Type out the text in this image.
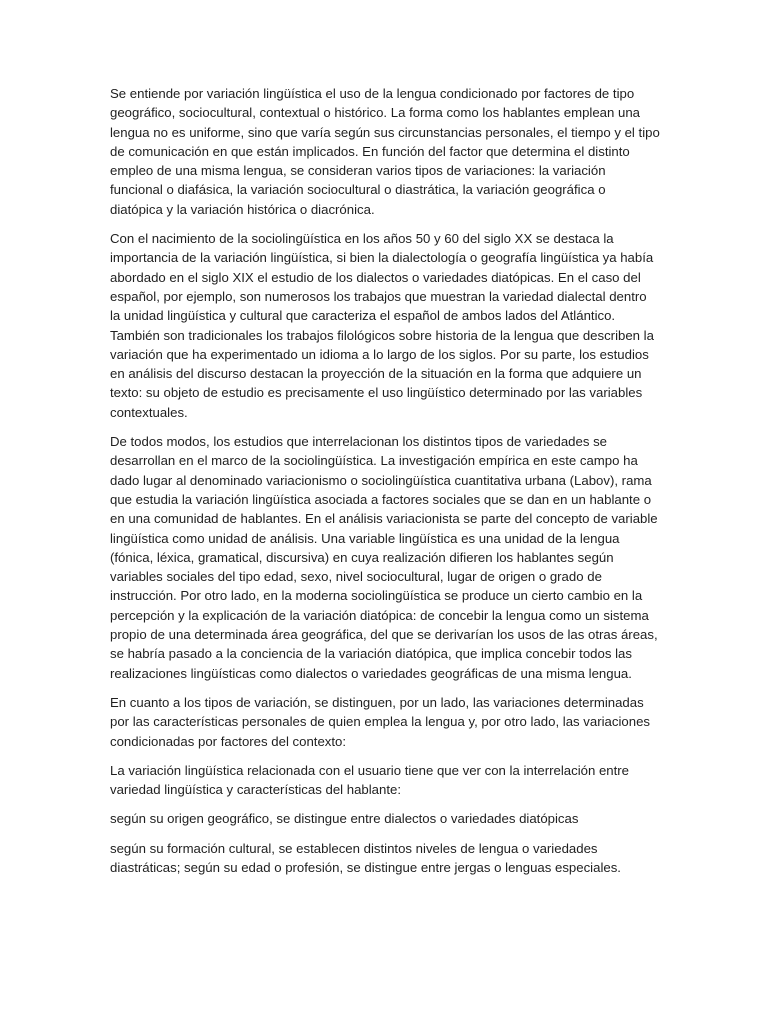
Se entiende por variación lingüística el uso de la lengua condicionado por factores de tipo geográfico, sociocultural, contextual o histórico. La forma como los hablantes emplean una lengua no es uniforme, sino que varía según sus circunstancias personales, el tiempo y el tipo de comunicación en que están implicados. En función del factor que determina el distinto empleo de una misma lengua, se consideran varios tipos de variaciones: la variación funcional o diafásica, la variación sociocultural o diastrática, la variación geográfica o diatópica y la variación histórica o diacrónica.

Con el nacimiento de la sociolingüística en los años 50 y 60 del siglo XX se destaca la importancia de la variación lingüística, si bien la dialectología o geografía lingüística ya había abordado en el siglo XIX el estudio de los dialectos o variedades diatópicas. En el caso del español, por ejemplo, son numerosos los trabajos que muestran la variedad dialectal dentro la unidad lingüística y cultural que caracteriza el español de ambos lados del Atlántico. También son tradicionales los trabajos filológicos sobre historia de la lengua que describen la variación que ha experimentado un idioma a lo largo de los siglos. Por su parte, los estudios en análisis del discurso destacan la proyección de la situación en la forma que adquiere un texto: su objeto de estudio es precisamente el uso lingüístico determinado por las variables contextuales.

De todos modos, los estudios que interrelacionan los distintos tipos de variedades se desarrollan en el marco de la sociolingüística. La investigación empírica en este campo ha dado lugar al denominado variacionismo o sociolingüística cuantitativa urbana (Labov), rama que estudia la variación lingüística asociada a factores sociales que se dan en un hablante o en una comunidad de hablantes. En el análisis variacionista se parte del concepto de variable lingüística como unidad de análisis. Una variable lingüística es una unidad de la lengua (fónica, léxica, gramatical, discursiva) en cuya realización difieren los hablantes según variables sociales del tipo edad, sexo, nivel sociocultural, lugar de origen o grado de instrucción. Por otro lado, en la moderna sociolingüística se produce un cierto cambio en la percepción y la explicación de la variación diatópica: de concebir la lengua como un sistema propio de una determinada área geográfica, del que se derivarían los usos de las otras áreas, se habría pasado a la conciencia de la variación diatópica, que implica concebir todos las realizaciones lingüísticas como dialectos o variedades geográficas de una misma lengua.

En cuanto a los tipos de variación, se distinguen, por un lado, las variaciones determinadas por las características personales de quien emplea la lengua y, por otro lado, las variaciones condicionadas por factores del contexto:

La variación lingüística relacionada con el usuario tiene que ver con la interrelación entre variedad lingüística y características del hablante:

según su origen geográfico, se distingue entre dialectos o variedades diatópicas

según su formación cultural, se establecen distintos niveles de lengua o variedades diastráticas; según su edad o profesión, se distingue entre jergas o lenguas especiales.
